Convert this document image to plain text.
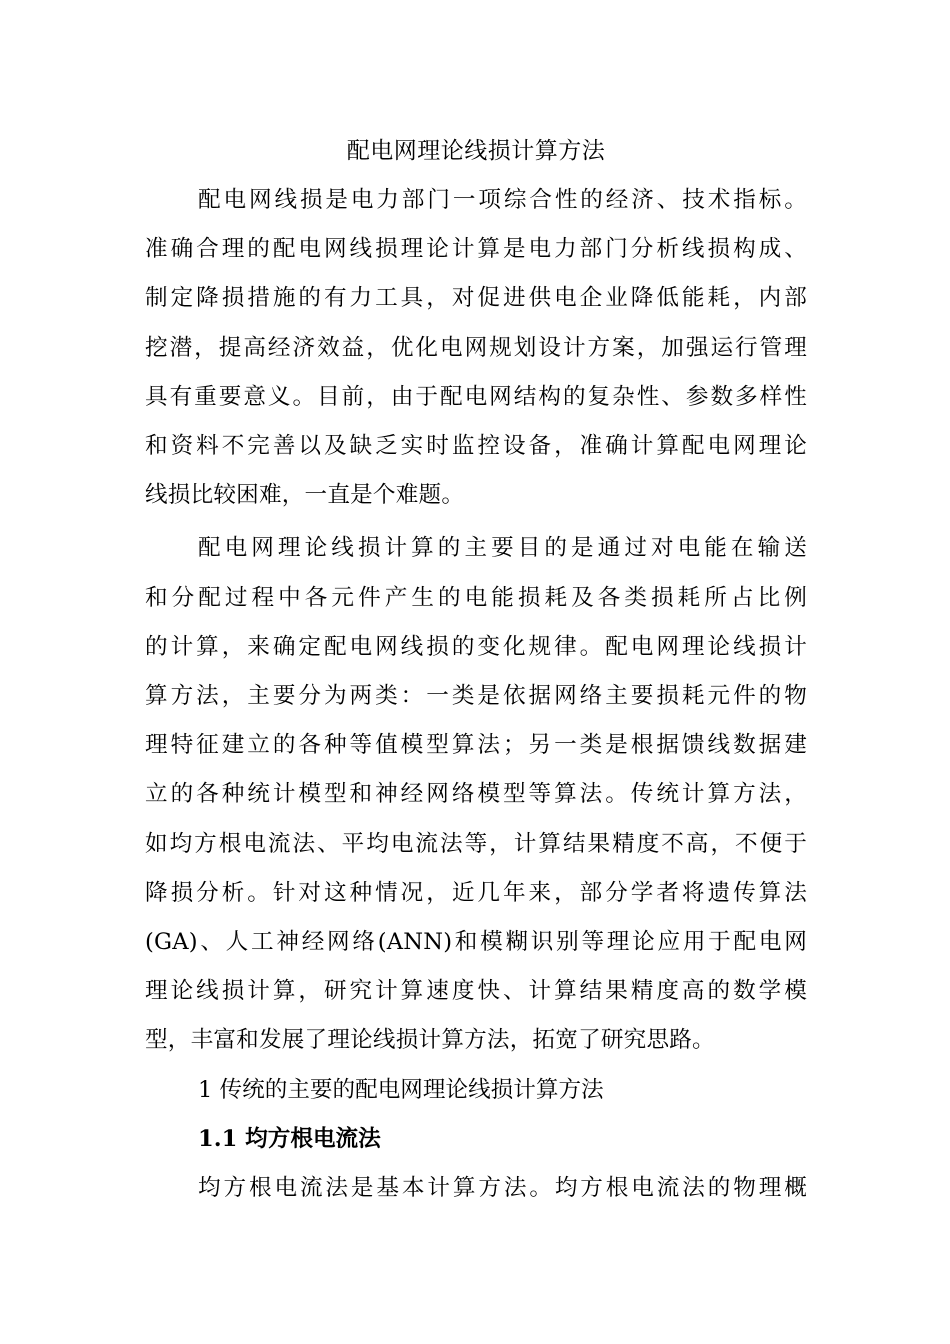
配电网理论线损计算方法
配电网线损是电力部门一项综合性的经济、技术指标。
准确合理的配电网线损理论计算是电力部门分析线损构成、
制定降损措施的有力工具，对促进供电企业降低能耗，内部
挖潜，提高经济效益，优化电网规划设计方案，加强运行管理
具有重要意义。目前，由于配电网结构的复杂性、参数多样性
和资料不完善以及缺乏实时监控设备，准确计算配电网理论
线损比较困难，一直是个难题。
配电网理论线损计算的主要目的是通过对电能在输送
和分配过程中各元件产生的电能损耗及各类损耗所占比例
的计算，来确定配电网线损的变化规律。配电网理论线损计
算方法，主要分为两类：一类是依据网络主要损耗元件的物
理特征建立的各种等值模型算法；另一类是根据馈线数据建
立的各种统计模型和神经网络模型等算法。传统计算方法，
如均方根电流法、平均电流法等，计算结果精度不高，不便于
降损分析。针对这种情况，近几年来，部分学者将遗传算法
(GA)、人工神经网络(ANN)和模糊识别等理论应用于配电网
理论线损计算，研究计算速度快、计算结果精度高的数学模
型，丰富和发展了理论线损计算方法，拓宽了研究思路。
1 传统的主要的配电网理论线损计算方法
1.1 均方根电流法
均方根电流法是基本计算方法。均方根电流法的物理概
